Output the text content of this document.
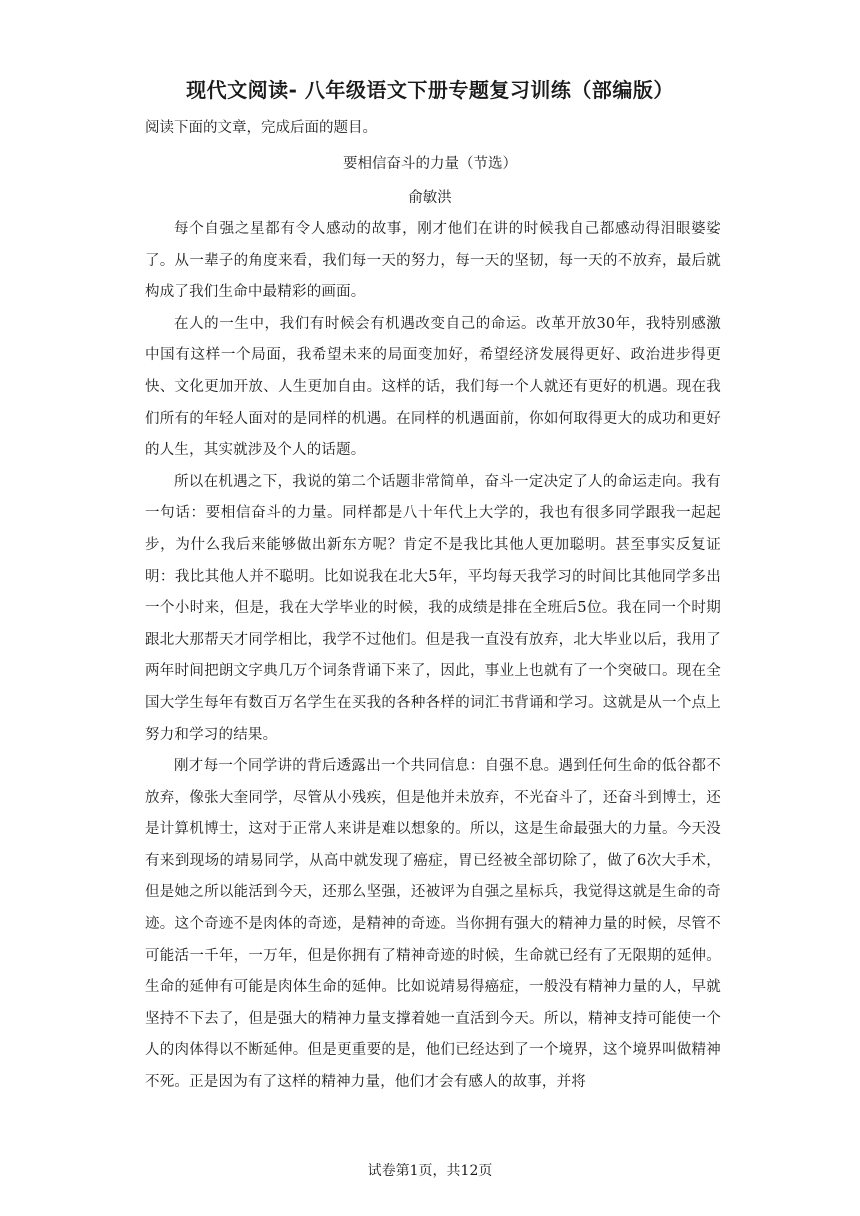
现代文阅读- 八年级语文下册专题复习训练（部编版）
阅读下面的文章，完成后面的题目。
要相信奋斗的力量（节选）
俞敏洪

每个自强之星都有令人感动的故事，刚才他们在讲的时候我自己都感动得泪眼婆娑了。从一辈子的角度来看，我们每一天的努力，每一天的坚韧，每一天的不放弃，最后就构成了我们生命中最精彩的画面。

在人的一生中，我们有时候会有机遇改变自己的命运。改革开放30年，我特别感激中国有这样一个局面，我希望未来的局面变加好，希望经济发展得更好、政治进步得更快、文化更加开放、人生更加自由。这样的话，我们每一个人就还有更好的机遇。现在我们所有的年轻人面对的是同样的机遇。在同样的机遇面前，你如何取得更大的成功和更好的人生，其实就涉及个人的话题。

所以在机遇之下，我说的第二个话题非常简单，奋斗一定决定了人的命运走向。我有一句话：要相信奋斗的力量。同样都是八十年代上大学的，我也有很多同学跟我一起起步，为什么我后来能够做出新东方呢？肯定不是我比其他人更加聪明。甚至事实反复证明：我比其他人并不聪明。比如说我在北大5年，平均每天我学习的时间比其他同学多出一个小时来，但是，我在大学毕业的时候，我的成绩是排在全班后5位。我在同一个时期跟北大那帮天才同学相比，我学不过他们。但是我一直没有放弃，北大毕业以后，我用了两年时间把朗文字典几万个词条背诵下来了，因此，事业上也就有了一个突破口。现在全国大学生每年有数百万名学生在买我的各种各样的词汇书背诵和学习。这就是从一个点上努力和学习的结果。

刚才每一个同学讲的背后透露出一个共同信息：自强不息。遇到任何生命的低谷都不放弃，像张大奎同学，尽管从小残疾，但是他并未放弃，不光奋斗了，还奋斗到博士，还是计算机博士，这对于正常人来讲是难以想象的。所以，这是生命最强大的力量。今天没有来到现场的靖易同学，从高中就发现了癌症，胃已经被全部切除了，做了6次大手术，但是她之所以能活到今天，还那么坚强，还被评为自强之星标兵，我觉得这就是生命的奇迹。这个奇迹不是肉体的奇迹，是精神的奇迹。当你拥有强大的精神力量的时候，尽管不可能活一千年，一万年，但是你拥有了精神奇迹的时候，生命就已经有了无限期的延伸。生命的延伸有可能是肉体生命的延伸。比如说靖易得癌症，一般没有精神力量的人，早就坚持不下去了，但是强大的精神力量支撑着她一直活到今天。所以，精神支持可能使一个人的肉体得以不断延伸。但是更重要的是，他们已经达到了一个境界，这个境界叫做精神不死。正是因为有了这样的精神力量，他们才会有感人的故事，并将

试卷第1页，共12页
